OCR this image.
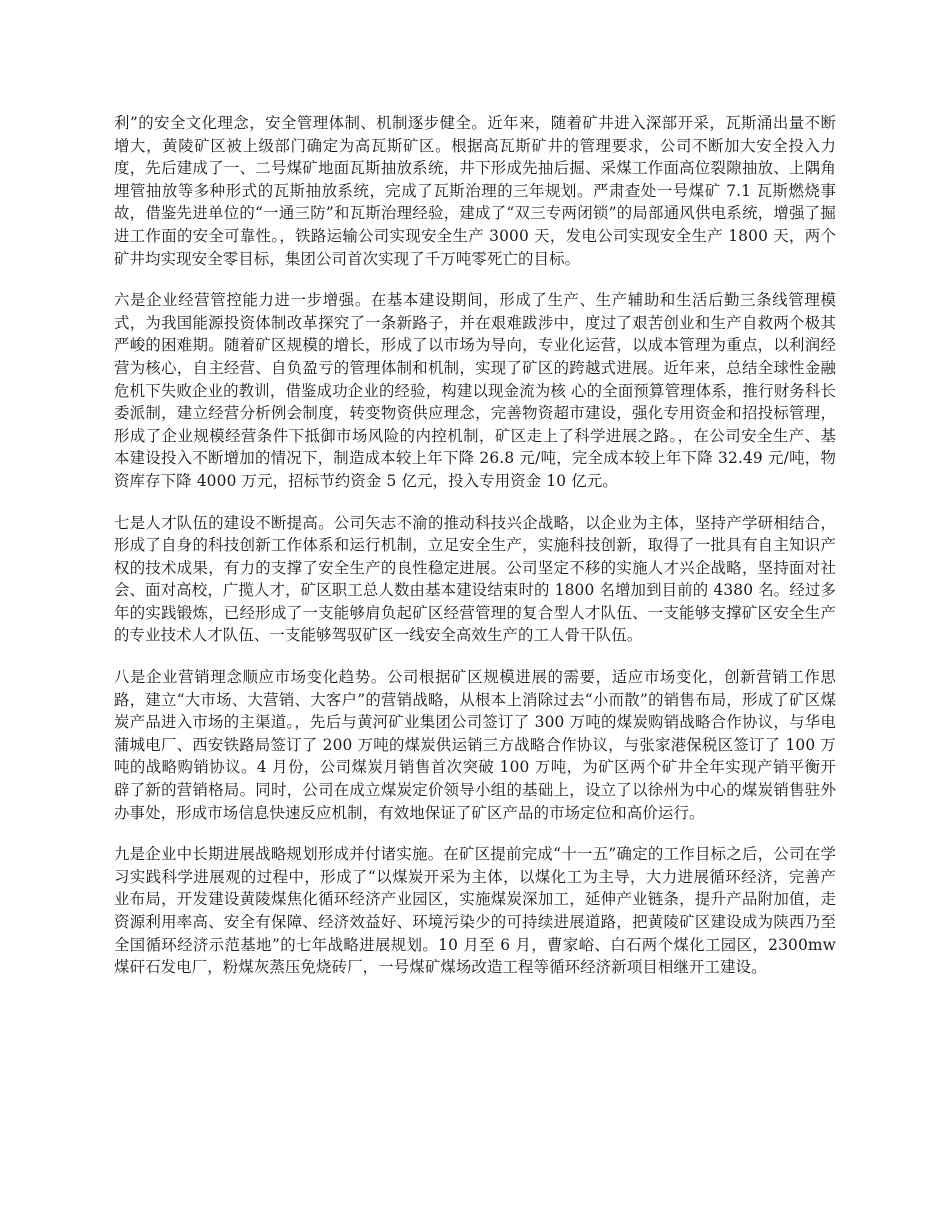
利”的安全文化理念，安全管理体制、机制逐步健全。近年来，随着矿井进入深部开采，瓦斯涌出量不断增大，黄陵矿区被上级部门确定为高瓦斯矿区。根据高瓦斯矿井的管理要求，公司不断加大安全投入力度，先后建成了一、二号煤矿地面瓦斯抽放系统，井下形成先抽后掘、采煤工作面高位裂隙抽放、上隅角埋管抽放等多种形式的瓦斯抽放系统，完成了瓦斯治理的三年规划。严肃查处一号煤矿 7.1 瓦斯燃烧事故，借鉴先进单位的“一通三防”和瓦斯治理经验，建成了“双三专两闭锁”的局部通风供电系统，增强了掘进工作面的安全可靠性。，铁路运输公司实现安全生产 3000 天，发电公司实现安全生产 1800 天，两个矿井均实现安全零目标，集团公司首次实现了千万吨零死亡的目标。

六是企业经营管控能力进一步增强。在基本建设期间，形成了生产、生产辅助和生活后勤三条线管理模式，为我国能源投资体制改革探究了一条新路子，并在艰难跋涉中，度过了艰苦创业和生产自救两个极其严峻的困难期。随着矿区规模的增长，形成了以市场为导向，专业化运营，以成本管理为重点，以利润经营为核心，自主经营、自负盈亏的管理体制和机制，实现了矿区的跨越式进展。近年来，总结全球性金融危机下失败企业的教训，借鉴成功企业的经验，构建以现金流为核 心的全面预算管理体系，推行财务科长委派制，建立经营分析例会制度，转变物资供应理念，完善物资超市建设，强化专用资金和招投标管理，形成了企业规模经营条件下抵御市场风险的内控机制，矿区走上了科学进展之路。，在公司安全生产、基本建设投入不断增加的情况下，制造成本较上年下降 26.8 元/吨，完全成本较上年下降 32.49 元/吨，物资库存下降 4000 万元，招标节约资金 5 亿元，投入专用资金 10 亿元。

七是人才队伍的建设不断提高。公司矢志不渝的推动科技兴企战略，以企业为主体，坚持产学研相结合，形成了自身的科技创新工作体系和运行机制，立足安全生产，实施科技创新，取得了一批具有自主知识产权的技术成果，有力的支撑了安全生产的良性稳定进展。公司坚定不移的实施人才兴企战略，坚持面对社会、面对高校，广揽人才，矿区职工总人数由基本建设结束时的 1800 名增加到目前的 4380 名。经过多年的实践锻炼，已经形成了一支能够肩负起矿区经营管理的复合型人才队伍、一支能够支撑矿区安全生产的专业技术人才队伍、一支能够驾驭矿区一线安全高效生产的工人骨干队伍。

八是企业营销理念顺应市场变化趋势。公司根据矿区规模进展的需要，适应市场变化，创新营销工作思路，建立“大市场、大营销、大客户”的营销战略，从根本上消除过去“小而散”的销售布局，形成了矿区煤炭产品进入市场的主渠道。，先后与黄河矿业集团公司签订了 300 万吨的煤炭购销战略合作协议，与华电蒲城电厂、西安铁路局签订了 200 万吨的煤炭供运销三方战略合作协议，与张家港保税区签订了 100 万吨的战略购销协议。4 月份，公司煤炭月销售首次突破 100 万吨，为矿区两个矿井全年实现产销平衡开辟了新的营销格局。同时，公司在成立煤炭定价领导小组的基础上，设立了以徐州为中心的煤炭销售驻外办事处，形成市场信息快速反应机制，有效地保证了矿区产品的市场定位和高价运行。

九是企业中长期进展战略规划形成并付诸实施。在矿区提前完成“十一五”确定的工作目标之后，公司在学习实践科学进展观的过程中，形成了“以煤炭开采为主体，以煤化工为主导，大力进展循环经济，完善产业布局，开发建设黄陵煤焦化循环经济产业园区，实施煤炭深加工，延伸产业链条，提升产品附加值，走资源利用率高、安全有保障、经济效益好、环境污染少的可持续进展道路，把黄陵矿区建设成为陕西乃至全国循环经济示范基地”的七年战略进展规划。10 月至 6 月，曹家峪、白石两个煤化工园区，2300mw 煤矸石发电厂，粉煤灰蒸压免烧砖厂，一号煤矿煤场改造工程等循环经济新项目相继开工建设。
